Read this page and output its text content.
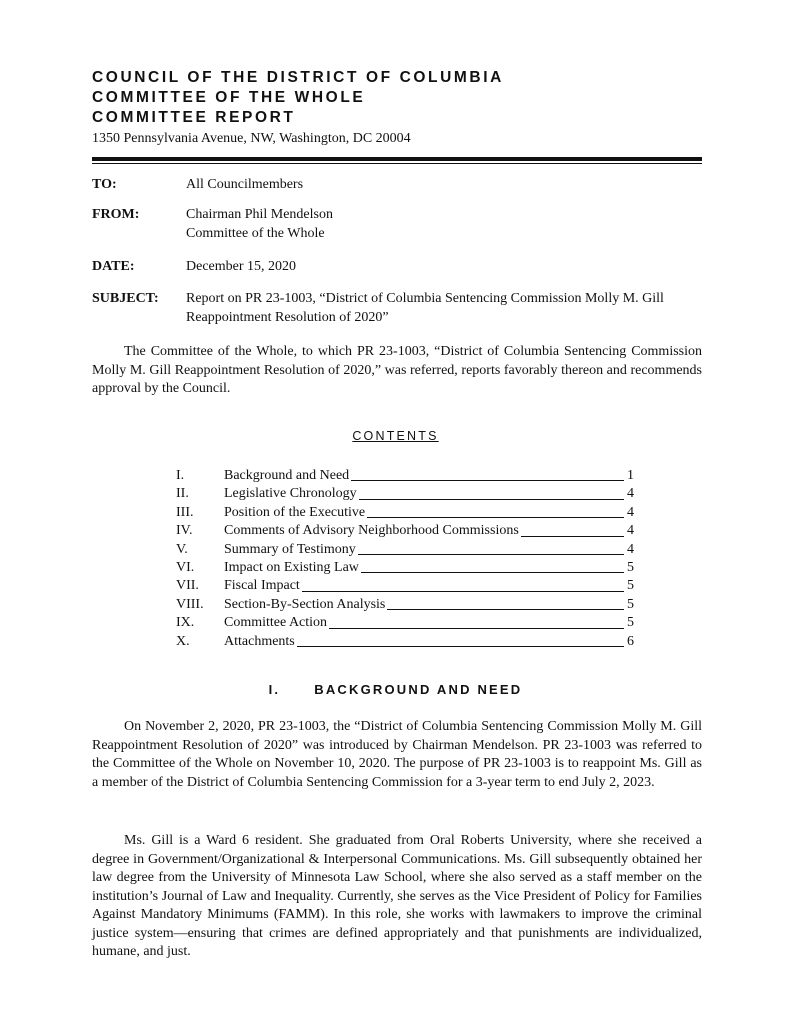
COUNCIL OF THE DISTRICT OF COLUMBIA
COMMITTEE OF THE WHOLE
COMMITTEE REPORT
1350 Pennsylvania Avenue, NW, Washington, DC 20004
TO:	All Councilmembers
FROM:	Chairman Phil Mendelson
Committee of the Whole
DATE:	December 15, 2020
SUBJECT: Report on PR 23-1003, “District of Columbia Sentencing Commission Molly M. Gill Reappointment Resolution of 2020”

The Committee of the Whole, to which PR 23-1003, “District of Columbia Sentencing Commission Molly M. Gill Reappointment Resolution of 2020,” was referred, reports favorably thereon and recommends approval by the Council.

CONTENTS
I.	Background and Need	1
II.	Legislative Chronology	4
III. Position of the Executive	4
IV. Comments of Advisory Neighborhood Commissions	4
V.	Summary of Testimony	4
VI. Impact on Existing Law	5
VII. Fiscal Impact	5
VIII. Section-By-Section Analysis	5
IX. Committee Action	5
X. Attachments	6
I.	BACKGROUND AND NEED

On November 2, 2020, PR 23-1003, the “District of Columbia Sentencing Commission Molly M. Gill Reappointment Resolution of 2020” was introduced by Chairman Mendelson. PR 23-1003 was referred to the Committee of the Whole on November 10, 2020. The purpose of PR 23-1003 is to reappoint Ms. Gill as a member of the District of Columbia Sentencing Commission for a 3-year term to end July 2, 2023.

Ms. Gill is a Ward 6 resident. She graduated from Oral Roberts University, where she received a degree in Government/Organizational & Interpersonal Communications. Ms. Gill subsequently obtained her law degree from the University of Minnesota Law School, where she also served as a staff member on the institution’s Journal of Law and Inequality. Currently, she serves as the Vice President of Policy for Families Against Mandatory Minimums (FAMM). In this role, she works with lawmakers to improve the criminal justice system—ensuring that crimes are defined appropriately and that punishments are individualized, humane, and just.
